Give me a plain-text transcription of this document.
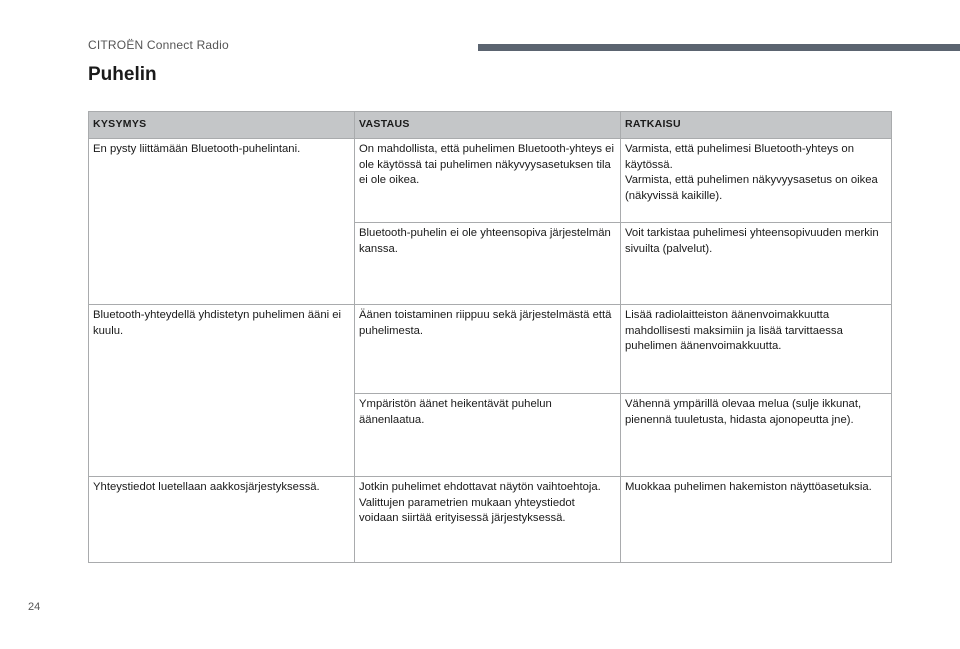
CITROËN Connect Radio
Puhelin
KYSYMYS	VASTAUS	RATKAISU
En pysty liittämään Bluetooth-puhelintani.	On mahdollista, että puhelimen Bluetooth-yhteys ei ole käytössä tai puhelimen näkyvyysasetuksen tila ei ole oikea.	Varmista, että puhelimesi Bluetooth-yhteys on käytössä.
Varmista, että puhelimen näkyvyysasetus on oikea (näkyvissä kaikille).

	Bluetooth-puhelin ei ole yhteensopiva järjestelmän kanssa.	Voit tarkistaa puhelimesi yhteensopivuuden merkin sivuilta (palvelut).
Bluetooth-yhteydellä yhdistetyn puhelimen ääni ei kuulu.	Äänen toistaminen riippuu sekä järjestelmästä että puhelimesta.	Lisää radiolaitteiston äänenvoimakkuutta mahdollisesti maksimiin ja lisää tarvittaessa puhelimen äänenvoimakkuutta.
	Ympäristön äänet heikentävät puhelun äänenlaatua.	Vähennä ympärillä olevaa melua (sulje ikkunat, pienennä tuuletusta, hidasta ajonopeutta jne).
Yhteystiedot luetellaan aakkosjärjestyksessä.	Jotkin puhelimet ehdottavat näytön vaihtoehtoja. Valittujen parametrien mukaan yhteystiedot voidaan siirtää erityisessä järjestyksessä.	Muokkaa puhelimen hakemiston näyttöasetuksia.
24
